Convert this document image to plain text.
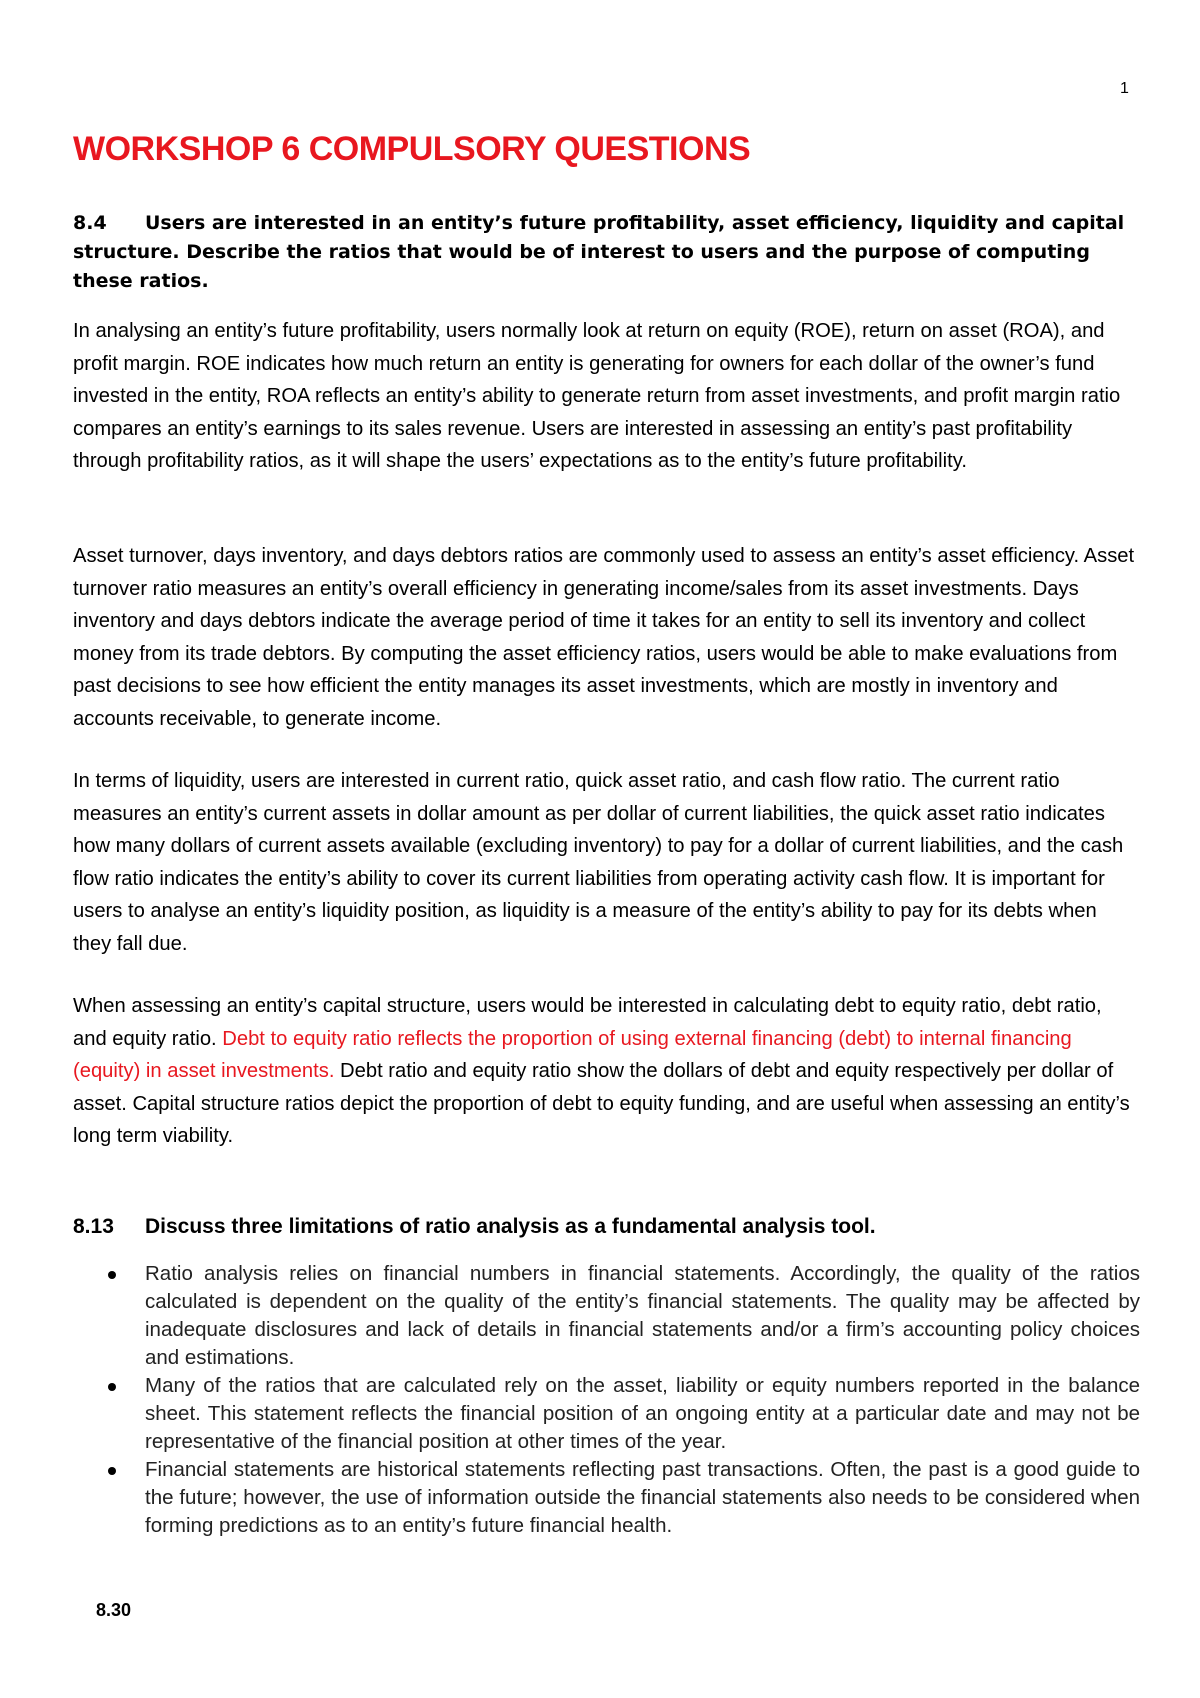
1
WORKSHOP 6 COMPULSORY QUESTIONS

8.4 Users are interested in an entity’s future profitability, asset efficiency, liquidity and capital structure. Describe the ratios that would be of interest to users and the purpose of computing these ratios.

In analysing an entity’s future profitability, users normally look at return on equity (ROE), return on asset (ROA), and profit margin. ROE indicates how much return an entity is generating for owners for each dollar of the owner’s fund invested in the entity, ROA reflects an entity’s ability to generate return from asset investments, and profit margin ratio compares an entity’s earnings to its sales revenue. Users are interested in assessing an entity’s past profitability through profitability ratios, as it will shape the users’ expectations as to the entity’s future profitability.

Asset turnover, days inventory, and days debtors ratios are commonly used to assess an entity’s asset efficiency. Asset turnover ratio measures an entity’s overall efficiency in generating income/sales from its asset investments. Days inventory and days debtors indicate the average period of time it takes for an entity to sell its inventory and collect money from its trade debtors. By computing the asset efficiency ratios, users would be able to make evaluations from past decisions to see how efficient the entity manages its asset investments, which are mostly in inventory and accounts receivable, to generate income.

In terms of liquidity, users are interested in current ratio, quick asset ratio, and cash flow ratio. The current ratio measures an entity’s current assets in dollar amount as per dollar of current liabilities, the quick asset ratio indicates how many dollars of current assets available (excluding inventory) to pay for a dollar of current liabilities, and the cash flow ratio indicates the entity’s ability to cover its current liabilities from operating activity cash flow. It is important for users to analyse an entity’s liquidity position, as liquidity is a measure of the entity’s ability to pay for its debts when they fall due.

When assessing an entity’s capital structure, users would be interested in calculating debt to equity ratio, debt ratio, and equity ratio. Debt to equity ratio reflects the proportion of using external financing (debt) to internal financing (equity) in asset investments. Debt ratio and equity ratio show the dollars of debt and equity respectively per dollar of asset. Capital structure ratios depict the proportion of debt to equity funding, and are useful when assessing an entity’s long term viability.

8.13 Discuss three limitations of ratio analysis as a fundamental analysis tool.

Ratio analysis relies on financial numbers in financial statements. Accordingly, the quality of the ratios calculated is dependent on the quality of the entity’s financial statements. The quality may be affected by inadequate disclosures and lack of details in financial statements and/or a firm’s accounting policy choices and estimations.
Many of the ratios that are calculated rely on the asset, liability or equity numbers reported in the balance sheet. This statement reflects the financial position of an ongoing entity at a particular date and may not be representative of the financial position at other times of the year.
Financial statements are historical statements reflecting past transactions. Often, the past is a good guide to the future; however, the use of information outside the financial statements also needs to be considered when forming predictions as to an entity’s future financial health.
8.30
